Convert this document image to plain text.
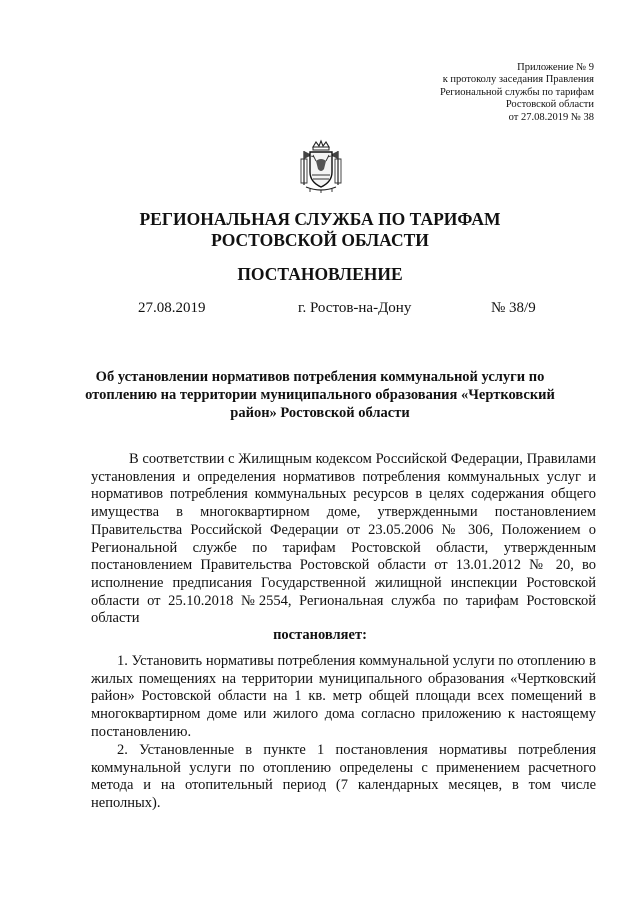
Приложение № 9
к протоколу заседания Правления
Региональной службы по тарифам
Ростовской области
от 27.08.2019 № 38
РЕГИОНАЛЬНАЯ СЛУЖБА ПО ТАРИФАМ
РОСТОВСКОЙ ОБЛАСТИ
ПОСТАНОВЛЕНИЕ
27.08.2019	г. Ростов-на-Дону	№ 38/9
Об установлении нормативов потребления коммунальной услуги по
отоплению на территории муниципального образования «Чертковский
район» Ростовской области
В соответствии с Жилищным кодексом Российской Федерации, Правилами установления и определения нормативов потребления коммунальных услуг и нормативов потребления коммунальных ресурсов в целях содержания общего имущества в многоквартирном доме, утвержденными постановлением Правительства Российской Федерации от 23.05.2006 № 306, Положением о Региональной службе по тарифам Ростовской области, утвержденным постановлением Правительства Ростовской области от 13.01.2012 № 20, во исполнение предписания Государственной жилищной инспекции Ростовской области от 25.10.2018 №2554, Региональная служба по тарифам Ростовской области
постановляет:
1. Установить нормативы потребления коммунальной услуги по отоплению в жилых помещениях на территории муниципального образования «Чертковский район» Ростовской области на 1 кв. метр общей площади всех помещений в многоквартирном доме или жилого дома согласно приложению к настоящему постановлению.
2. Установленные в пункте 1 постановления нормативы потребления коммунальной услуги по отоплению определены с применением расчетного метода и на отопительный период (7 календарных месяцев, в том числе неполных).
